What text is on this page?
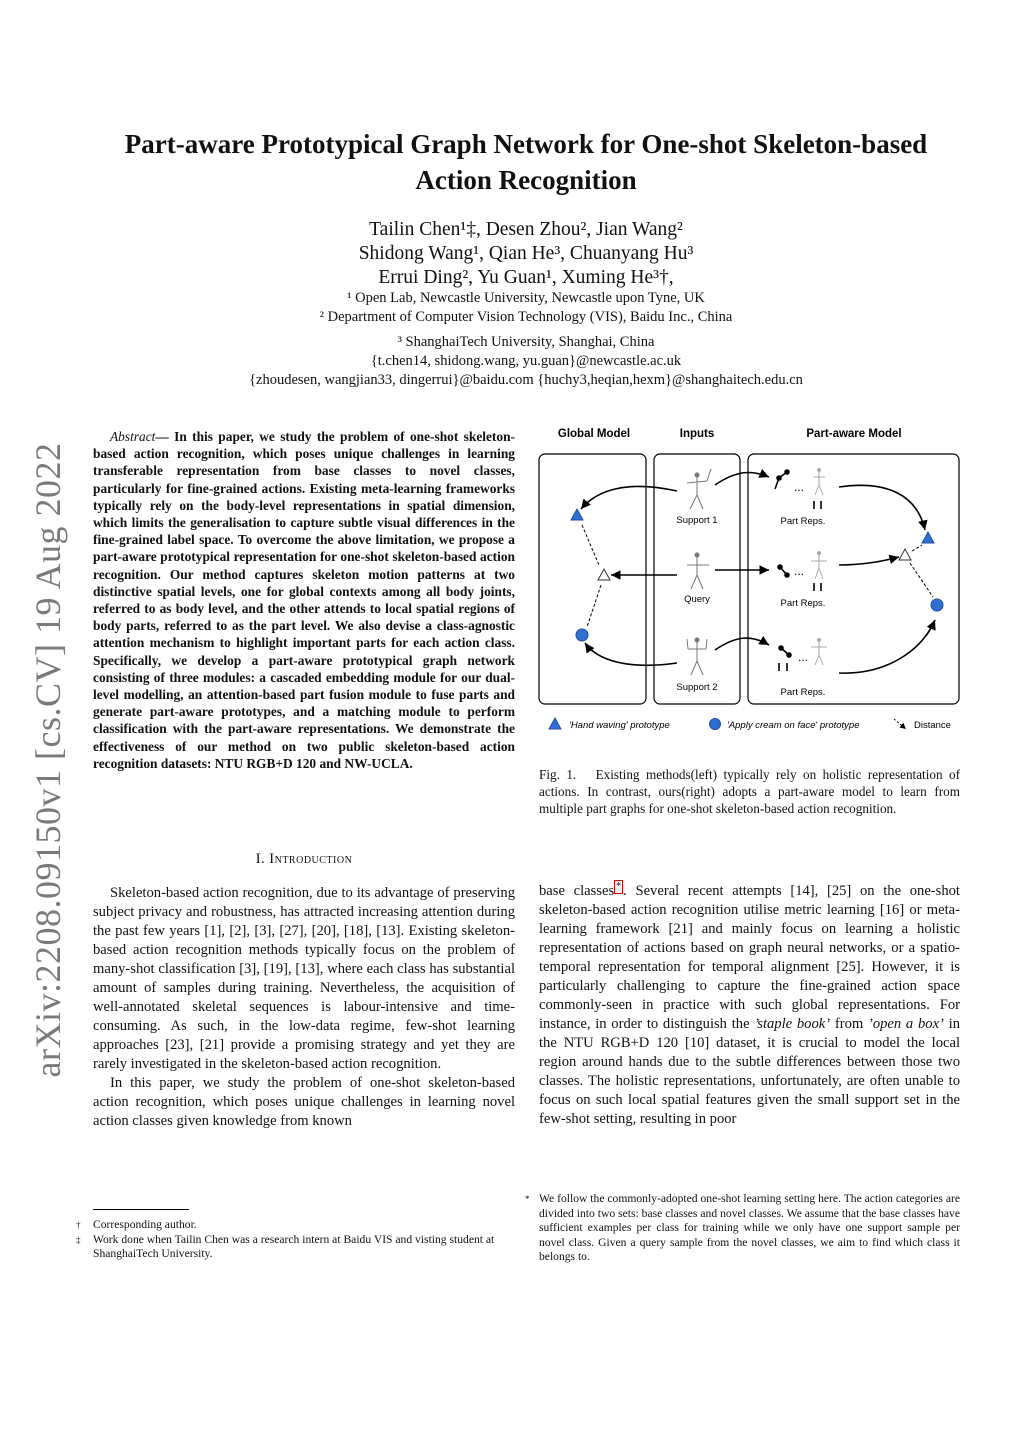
arXiv:2208.09150v1 [cs.CV] 19 Aug 2022
Part-aware Prototypical Graph Network for One-shot Skeleton-based
Action Recognition
Tailin Chen¹‡, Desen Zhou², Jian Wang²
Shidong Wang¹, Qian He³, Chuanyang Hu³
Errui Ding², Yu Guan¹, Xuming He³†,
¹ Open Lab, Newcastle University, Newcastle upon Tyne, UK
² Department of Computer Vision Technology (VIS), Baidu Inc., China
³ ShanghaiTech University, Shanghai, China
{t.chen14, shidong.wang, yu.guan}@newcastle.ac.uk
{zhoudesen, wangjian33, dingerrui}@baidu.com {huchy3,heqian,hexm}@shanghaitech.edu.cn
Abstract— In this paper, we study the problem of one-shot skeleton-based action recognition, which poses unique challenges in learning transferable representation from base classes to novel classes, particularly for fine-grained actions. Existing meta-learning frameworks typically rely on the body-level representations in spatial dimension, which limits the generalisation to capture subtle visual differences in the fine-grained label space. To overcome the above limitation, we propose a part-aware prototypical representation for one-shot skeleton-based action recognition. Our method captures skeleton motion patterns at two distinctive spatial levels, one for global contexts among all body joints, referred to as body level, and the other attends to local spatial regions of body parts, referred to as the part level. We also devise a class-agnostic attention mechanism to highlight important parts for each action class. Specifically, we develop a part-aware prototypical graph network consisting of three modules: a cascaded embedding module for our dual-level modelling, an attention-based part fusion module to fuse parts and generate part-aware prototypes, and a matching module to perform classification with the part-aware representations. We demonstrate the effectiveness of our method on two public skeleton-based action recognition datasets: NTU RGB+D 120 and NW-UCLA.
I. Introduction

Skeleton-based action recognition, due to its advantage of preserving subject privacy and robustness, has attracted increasing attention during the past few years [1], [2], [3], [27], [20], [18], [13]. Existing skeleton-based action recognition methods typically focus on the problem of many-shot classification [3], [19], [13], where each class has substantial amount of samples during training. Nevertheless, the acquisition of well-annotated skeletal sequences is labour-intensive and time-consuming. As such, in the low-data regime, few-shot learning approaches [23], [21] provide a promising strategy and yet they are rarely investigated in the skeleton-based action recognition.

In this paper, we study the problem of one-shot skeleton-based action recognition, which poses unique challenges in learning novel action classes given knowledge from known

†	Corresponding author.
‡	Work done when Tailin Chen was a research intern at Baidu VIS and visting student at ShanghaiTech University.
Global Model	Inputs	Part-aware Model
Support 1
Query
Support 2
...
Part Reps.
...
Part Reps.
...
Part Reps.
'Hand waving' prototype	'Apply cream on face' prototype	Distance
Fig. 1. Existing methods(left) typically rely on holistic representation of actions. In contrast, ours(right) adopts a part-aware model to learn from multiple part graphs for one-shot skeleton-based action recognition.
base classes * . Several recent attempts [14], [25] on the one-shot skeleton-based action recognition utilise metric learning [16] or meta-learning framework [21] and mainly focus on learning a holistic representation of actions based on graph neural networks, or a spatio-temporal representation for temporal alignment [25]. However, it is particularly challenging to capture the fine-grained action space commonly-seen in practice with such global representations. For instance, in order to distinguish the ’staple book’ from ’open a box’ in the NTU RGB+D 120 [10] dataset, it is crucial to model the local region around hands due to the subtle differences between those two classes. The holistic representations, unfortunately, are often unable to focus on such local spatial features given the small support set in the few-shot setting, resulting in poor
* We follow the commonly-adopted one-shot learning setting here. The action categories are divided into two sets: base classes and novel classes. We assume that the base classes have sufficient examples per class for training while we only have one support sample per novel class. Given a query sample from the novel classes, we aim to find which class it belongs to.
